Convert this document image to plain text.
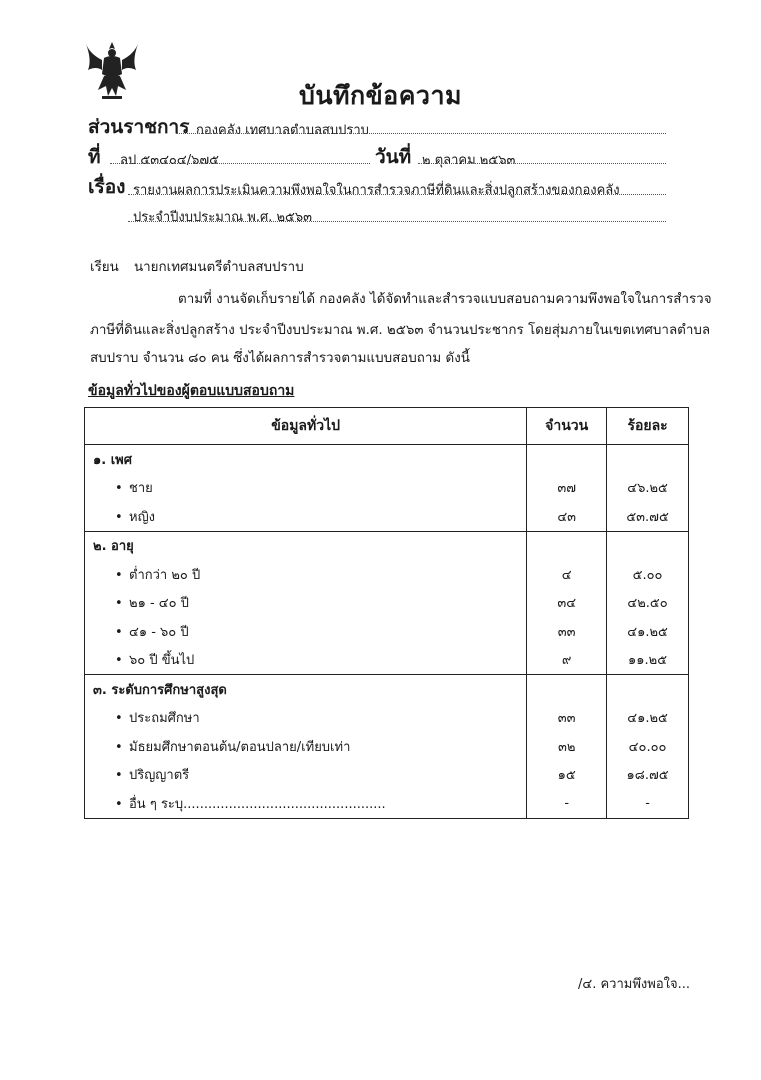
บันทึกข้อความ
ส่วนราชการ กองคลัง เทศบาลตำบลสบปราบ
ที่ ลป ๕๓๔๐๔/๖๗๕	วันที่ ๒ ตุลาคม ๒๕๖๓
เรื่อง รายงานผลการประเมินความพึงพอใจในการสำรวจภาษีที่ดินและสิ่งปลูกสร้างของกองคลัง
ประจำปีงบประมาณ พ.ศ. ๒๕๖๓
เรียน นายกเทศมนตรีตำบลสบปราบ
ตามที่ งานจัดเก็บรายได้ กองคลัง ได้จัดทำและสำรวจแบบสอบถามความพึงพอใจในการสำรวจ
ภาษีที่ดินและสิ่งปลูกสร้าง ประจำปีงบประมาณ พ.ศ. ๒๕๖๓ จำนวนประชากร โดยสุ่มภายในเขตเทศบาลตำบล
สบปราบ จำนวน ๘๐ คน ซึ่งได้ผลการสำรวจตามแบบสอบถาม ดังนี้
ข้อมูลทั่วไปของผู้ตอบแบบสอบถาม
ข้อมูลทั่วไป	จำนวน	ร้อยละ
๑. เพศ		
• ชาย	๓๗	๔๖.๒๕
• หญิง	๔๓	๕๓.๗๕
๒. อายุ		
• ต่ำกว่า ๒๐ ปี	๔	๕.๐๐
• ๒๑ - ๔๐ ปี	๓๔	๔๒.๕๐
• ๔๑ - ๖๐ ปี	๓๓	๔๑.๒๕
• ๖๐ ปี ขึ้นไป	๙	๑๑.๒๕
๓. ระดับการศึกษาสูงสุด		
• ประถมศึกษา	๓๓	๔๑.๒๕
• มัธยมศึกษาตอนต้น/ตอนปลาย/เทียบเท่า	๓๒	๔๐.๐๐
• ปริญญาตรี	๑๕	๑๘.๗๕
• อื่น ๆ ระบุ.................................................	-	-
/๔. ความพึงพอใจ...
